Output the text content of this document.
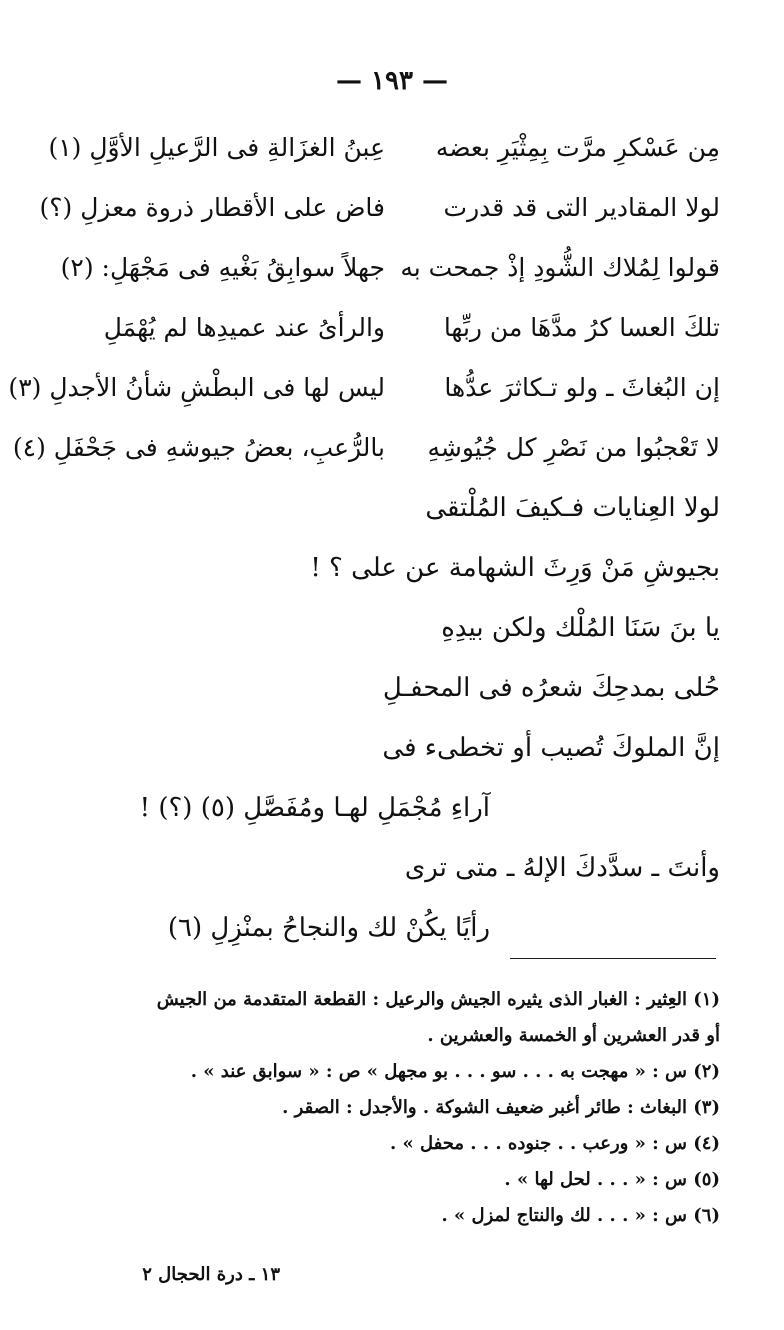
— ١٩٣ —
مِن عَسْكرِ مرَّت بِمِثْيَرِ بعضه
عِبنُ الغزَالةِ فى الرَّعيلِ الأوَّلِ (١)
لولا المقادير التى قد قدرت
فاض على الأقطار ذروة معزلِ (؟)
قولوا لِمُلاك الشُّودِ إذْ جمحت به
جهلاً سوابِقُ بَغْيهِ فى مَجْهَلِ: (٢)
تلكَ العسا كرُ مدَّهَا من ربِّها
والرأىُ عند عميدِها لم يُهْمَلِ
إن البُغاثَ ـ ولو تـكاثرَ عدُّها
ليس لها فى البطْشِ شأنُ الأجدلِ (٣)
لا تَعْجبُوا من نَصْرِ كل جُيُوشِهِ
بالرُّعبِ، بعضُ جيوشهِ فى جَحْفَلِ (٤)
لولا العِنايات فـكيفَ المُلْتقى
بجيوشِ مَنْ وَرِثَ الشهامة عن على ؟ !
يا بنَ سَنَا المُلْك ولكن بيدِهِ
حُلى بمدحِكَ شعرُه فى المحفـلِ
إنَّ الملوكَ تُصيب أو تخطىء فى
آراءِ مُجْمَلِ لهـا ومُفَصَّلِ (٥) (؟) !
وأنتَ ـ سدَّدكَ الإلهُ ـ متى ترى
رأيًا يكُنْ لك والنجاحُ بمنْزِلِ (٦)
(١) العِثير : الغبار الذى يثيره الجيش والرعيل : القطعة المتقدمة من الجيش
أو قدر العشرين أو الخمسة والعشرين .
(٢) س : « مهجت به . . . سو . . . بو مجهل » ص : « سوابق عند » .
(٣) البغاث : طائر أغبر ضعيف الشوكة . والأجدل : الصقر .
(٤) س : « ورعب . . جنوده . . . محفل » .
(٥) س : « . . . لحل لها » .
(٦) س : « . . . لك والنتاج لمزل » .
١٣ ـ درة الحجال ٢
